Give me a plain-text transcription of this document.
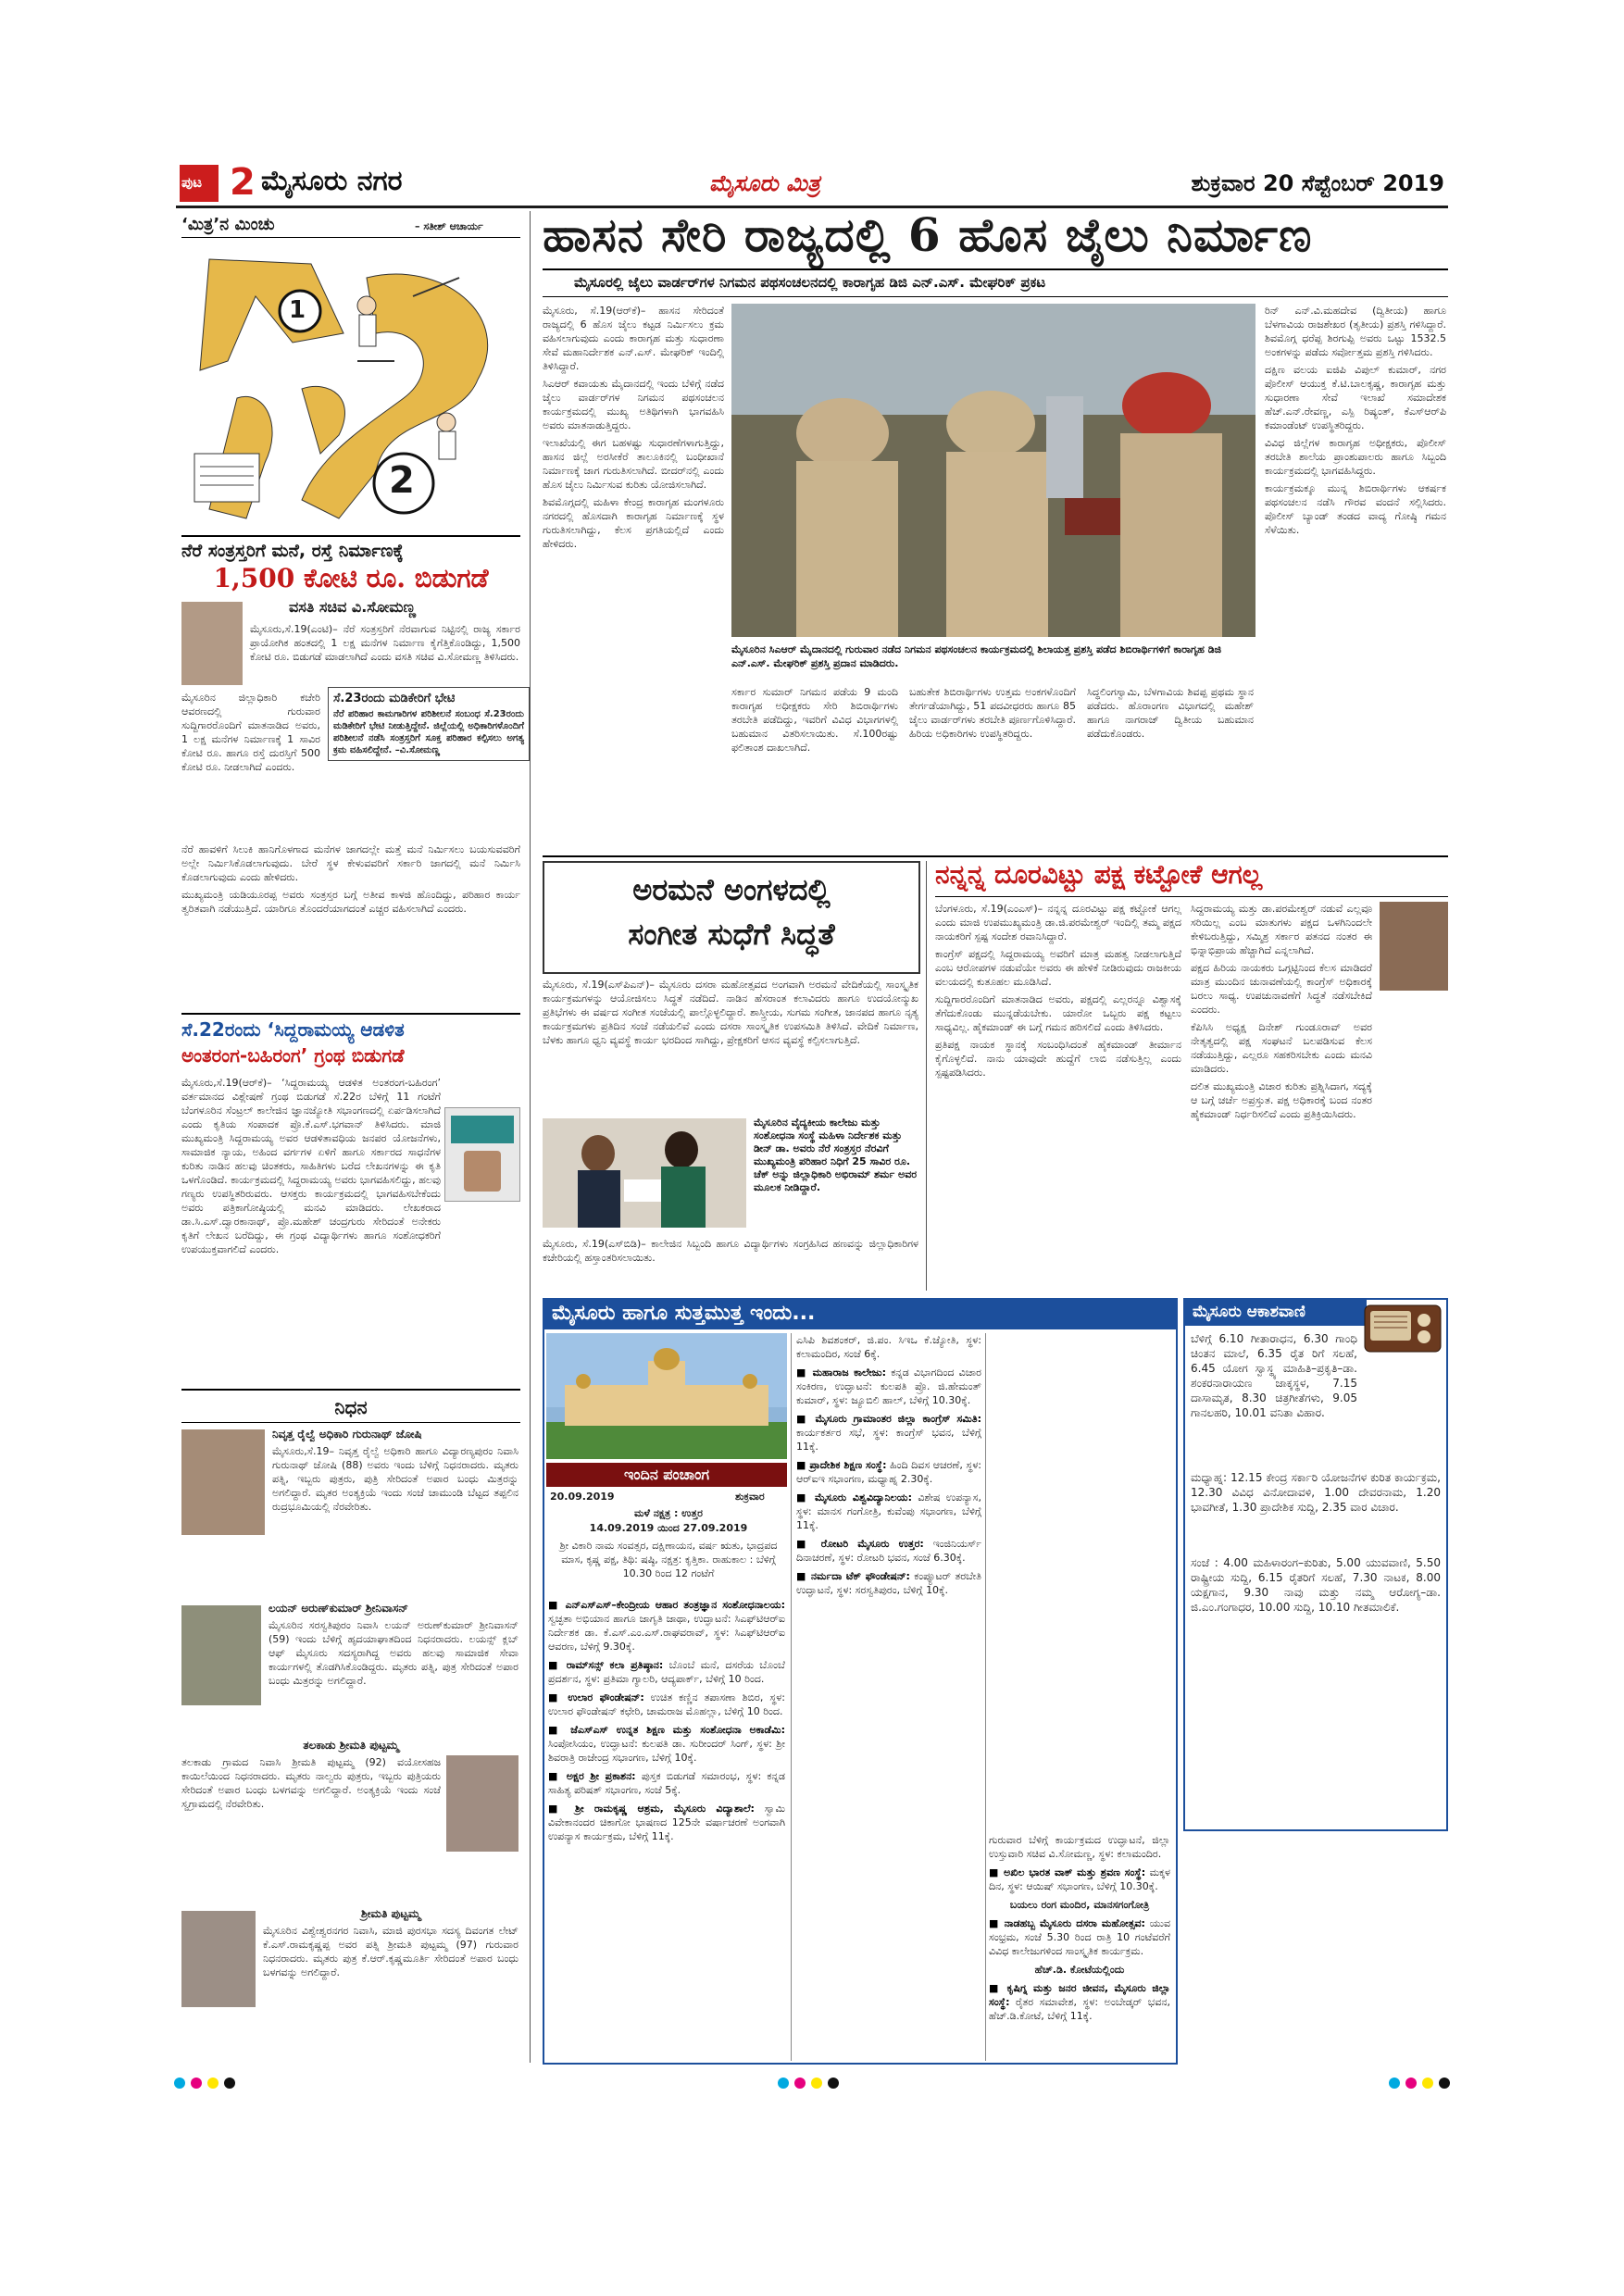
ಪುಟ 2 ಮೈಸೂರು ನಗರ	ಮೈಸೂರು ಮಿತ್ರ	ಶುಕ್ರವಾರ 20 ಸೆಪ್ಟೆಂಬರ್ 2019
‘ಮಿತ್ರ’ನ ಮಿಂಚು	– ಸತೀಶ್ ಆಚಾರ್ಯ
1
2
ನೆರೆ ಸಂತ್ರಸ್ತರಿಗೆ ಮನೆ, ರಸ್ತೆ ನಿರ್ಮಾಣಕ್ಕೆ
1,500 ಕೋಟಿ ರೂ. ಬಿಡುಗಡೆ
ವಸತಿ ಸಚಿವ ವಿ.ಸೋಮಣ್ಣ

ಮೈಸೂರು,ಸೆ.19(ಎಂಟಿ)– ನೆರೆ ಸಂತ್ರಸ್ತರಿಗೆ ನೆರವಾಗುವ ನಿಟ್ಟಿನಲ್ಲಿ ರಾಜ್ಯ ಸರ್ಕಾರ ಪ್ರಾಯೋಗಿಕ ಹಂತದಲ್ಲಿ 1 ಲಕ್ಷ ಮನೆಗಳ ನಿರ್ಮಾಣ ಕೈಗೆತ್ತಿಕೊಂಡಿದ್ದು, 1,500 ಕೋಟಿ ರೂ. ಬಿಡುಗಡೆ ಮಾಡಲಾಗಿದೆ ಎಂದು ವಸತಿ ಸಚಿವ ವಿ.ಸೋಮಣ್ಣ ತಿಳಿಸಿದರು.

ಮೈಸೂರಿನ ಜಿಲ್ಲಾಧಿಕಾರಿ ಕಚೇರಿ ಆವರಣದಲ್ಲಿ ಗುರುವಾರ ಸುದ್ದಿಗಾರರೊಂದಿಗೆ ಮಾತನಾಡಿದ ಅವರು, 1 ಲಕ್ಷ ಮನೆಗಳ ನಿರ್ಮಾಣಕ್ಕೆ 1 ಸಾವಿರ ಕೋಟಿ ರೂ. ಹಾಗೂ ರಸ್ತೆ ದುರಸ್ತಿಗೆ 500 ಕೋಟಿ ರೂ. ನೀಡಲಾಗಿದೆ ಎಂದರು.

ಸೆ.23ರಂದು ಮಡಿಕೇರಿಗೆ ಭೇಟಿ
ನೆರೆ ಪರಿಹಾರ ಕಾಮಗಾರಿಗಳ ಪರಿಶೀಲನೆ ಸಂಬಂಧ ಸೆ.23ರಂದು ಮಡಿಕೇರಿಗೆ ಭೇಟಿ ನೀಡುತ್ತಿದ್ದೇನೆ. ಜಿಲ್ಲೆಯಲ್ಲಿ ಅಧಿಕಾರಿಗಳೊಂದಿಗೆ ಪರಿಶೀಲನೆ ನಡೆಸಿ ಸಂತ್ರಸ್ತರಿಗೆ ಸೂಕ್ತ ಪರಿಹಾರ ಕಲ್ಪಿಸಲು ಅಗತ್ಯ ಕ್ರಮ ವಹಿಸಲಿದ್ದೇನೆ. –ವಿ.ಸೋಮಣ್ಣ

ನೆರೆ ಹಾವಳಿಗೆ ಸಿಲುಕಿ ಹಾನಿಗೊಳಗಾದ ಮನೆಗಳ ಜಾಗದಲ್ಲೇ ಮತ್ತೆ ಮನೆ ನಿರ್ಮಿಸಲು ಬಯಸುವವರಿಗೆ ಅಲ್ಲೇ ನಿರ್ಮಿಸಿಕೊಡಲಾಗುವುದು. ಬೇರೆ ಸ್ಥಳ ಕೇಳುವವರಿಗೆ ಸರ್ಕಾರಿ ಜಾಗದಲ್ಲಿ ಮನೆ ನಿರ್ಮಿಸಿ ಕೊಡಲಾಗುವುದು ಎಂದು ಹೇಳಿದರು.

ಮುಖ್ಯಮಂತ್ರಿ ಯಡಿಯೂರಪ್ಪ ಅವರು ಸಂತ್ರಸ್ತರ ಬಗ್ಗೆ ಅತೀವ ಕಾಳಜಿ ಹೊಂದಿದ್ದು, ಪರಿಹಾರ ಕಾರ್ಯ ತ್ವರಿತವಾಗಿ ನಡೆಯುತ್ತಿದೆ. ಯಾರಿಗೂ ತೊಂದರೆಯಾಗದಂತೆ ಎಚ್ಚರ ವಹಿಸಲಾಗಿದೆ ಎಂದರು.

ಸೆ.22ರಂದು ‘ಸಿದ್ದರಾಮಯ್ಯ ಆಡಳಿತ
ಅಂತರಂಗ-ಬಹಿರಂಗ’ ಗ್ರಂಥ ಬಿಡುಗಡೆ
ಮೈಸೂರು,ಸೆ.19(ಆರ್‌ಕೆ)– ‘ಸಿದ್ದರಾಮಯ್ಯ ಆಡಳಿತ ಅಂತರಂಗ-ಬಹಿರಂಗ’ ವರ್ತಮಾನದ ವಿಶ್ಲೇಷಣೆ ಗ್ರಂಥ ಬಿಡುಗಡೆ ಸೆ.22ರ ಬೆಳಿಗ್ಗೆ 11 ಗಂಟೆಗೆ ಬೆಂಗಳೂರಿನ ಸೆಂಟ್ರಲ್ ಕಾಲೇಜಿನ ಜ್ಞಾನಜ್ಯೋತಿ ಸಭಾಂಗಣದಲ್ಲಿ ಏರ್ಪಡಿಸಲಾಗಿದೆ ಎಂದು ಕೃತಿಯ ಸಂಪಾದಕ ಪ್ರೊ.ಕೆ.ಎಸ್.ಭಗವಾನ್ ತಿಳಿಸಿದರು. ಮಾಜಿ ಮುಖ್ಯಮಂತ್ರಿ ಸಿದ್ದರಾಮಯ್ಯ ಅವರ ಆಡಳಿತಾವಧಿಯ ಜನಪರ ಯೋಜನೆಗಳು, ಸಾಮಾಜಿಕ ನ್ಯಾಯ, ಅಹಿಂದ ವರ್ಗಗಳ ಏಳಿಗೆ ಹಾಗೂ ಸರ್ಕಾರದ ಸಾಧನೆಗಳ ಕುರಿತು ನಾಡಿನ ಹಲವು ಚಿಂತಕರು, ಸಾಹಿತಿಗಳು ಬರೆದ ಲೇಖನಗಳನ್ನು ಈ ಕೃತಿ ಒಳಗೊಂಡಿದೆ. ಕಾರ್ಯಕ್ರಮದಲ್ಲಿ ಸಿದ್ದರಾಮಯ್ಯ ಅವರು ಭಾಗವಹಿಸಲಿದ್ದು, ಹಲವು ಗಣ್ಯರು ಉಪಸ್ಥಿತರಿರುವರು. ಆಸಕ್ತರು ಕಾರ್ಯಕ್ರಮದಲ್ಲಿ ಭಾಗವಹಿಸಬೇಕೆಂದು ಅವರು ಪತ್ರಿಕಾಗೋಷ್ಠಿಯಲ್ಲಿ ಮನವಿ ಮಾಡಿದರು. ಲೇಖಕರಾದ ಡಾ.ಸಿ.ಎಸ್.ದ್ವಾರಕಾನಾಥ್, ಪ್ರೊ.ಮಹೇಶ್ ಚಂದ್ರಗುರು ಸೇರಿದಂತೆ ಅನೇಕರು ಕೃತಿಗೆ ಲೇಖನ ಬರೆದಿದ್ದು, ಈ ಗ್ರಂಥ ವಿದ್ಯಾರ್ಥಿಗಳು ಹಾಗೂ ಸಂಶೋಧಕರಿಗೆ ಉಪಯುಕ್ತವಾಗಲಿದೆ ಎಂದರು.
ನಿಧನ
ನಿವೃತ್ತ ರೈಲ್ವೆ ಅಧಿಕಾರಿ ಗುರುನಾಥ್ ಜೋಷಿ
ಮೈಸೂರು,ಸೆ.19– ನಿವೃತ್ತ ರೈಲ್ವೆ ಅಧಿಕಾರಿ ಹಾಗೂ ವಿದ್ಯಾರಣ್ಯಪುರಂ ನಿವಾಸಿ ಗುರುನಾಥ್ ಜೋಷಿ (88) ಅವರು ಇಂದು ಬೆಳಿಗ್ಗೆ ನಿಧನರಾದರು. ಮೃತರು ಪತ್ನಿ, ಇಬ್ಬರು ಪುತ್ರರು, ಪುತ್ರಿ ಸೇರಿದಂತೆ ಅಪಾರ ಬಂಧು ಮಿತ್ರರನ್ನು ಅಗಲಿದ್ದಾರೆ. ಮೃತರ ಅಂತ್ಯಕ್ರಿಯೆ ಇಂದು ಸಂಜೆ ಚಾಮುಂಡಿ ಬೆಟ್ಟದ ತಪ್ಪಲಿನ ರುದ್ರಭೂಮಿಯಲ್ಲಿ ನೆರವೇರಿತು.
ಲಯನ್ ಅರುಣ್‌ಕುಮಾರ್ ಶ್ರೀನಿವಾಸನ್
ಮೈಸೂರಿನ ಸರಸ್ವತಿಪುರಂ ನಿವಾಸಿ ಲಯನ್ ಅರುಣ್‌ಕುಮಾರ್ ಶ್ರೀನಿವಾಸನ್ (59) ಇಂದು ಬೆಳಿಗ್ಗೆ ಹೃದಯಾಘಾತದಿಂದ ನಿಧನರಾದರು. ಲಯನ್ಸ್ ಕ್ಲಬ್ ಆಫ್ ಮೈಸೂರು ಸದಸ್ಯರಾಗಿದ್ದ ಅವರು ಹಲವು ಸಾಮಾಜಿಕ ಸೇವಾ ಕಾರ್ಯಗಳಲ್ಲಿ ತೊಡಗಿಸಿಕೊಂಡಿದ್ದರು. ಮೃತರು ಪತ್ನಿ, ಪುತ್ರ ಸೇರಿದಂತೆ ಅಪಾರ ಬಂಧು ಮಿತ್ರರನ್ನು ಅಗಲಿದ್ದಾರೆ.
ತಲಕಾಡು ಶ್ರೀಮತಿ ಪುಟ್ಟಮ್ಮ
ತಲಕಾಡು ಗ್ರಾಮದ ನಿವಾಸಿ ಶ್ರೀಮತಿ ಪುಟ್ಟಮ್ಮ (92) ವಯೋಸಹಜ ಕಾಯಿಲೆಯಿಂದ ನಿಧನರಾದರು. ಮೃತರು ನಾಲ್ವರು ಪುತ್ರರು, ಇಬ್ಬರು ಪುತ್ರಿಯರು ಸೇರಿದಂತೆ ಅಪಾರ ಬಂಧು ಬಳಗವನ್ನು ಅಗಲಿದ್ದಾರೆ. ಅಂತ್ಯಕ್ರಿಯೆ ಇಂದು ಸಂಜೆ ಸ್ವಗ್ರಾಮದಲ್ಲಿ ನೆರವೇರಿತು.
ಶ್ರೀಮತಿ ಪುಟ್ಟಮ್ಮ
ಮೈಸೂರಿನ ವಿಶ್ವೇಶ್ವರನಗರ ನಿವಾಸಿ, ಮಾಜಿ ಪುರಸಭಾ ಸದಸ್ಯ ದಿವಂಗತ ಲೇಟ್ ಕೆ.ಎಸ್.ರಾಮಕೃಷ್ಣಪ್ಪ ಅವರ ಪತ್ನಿ ಶ್ರೀಮತಿ ಪುಟ್ಟಮ್ಮ (97) ಗುರುವಾರ ನಿಧನರಾದರು. ಮೃತರು ಪುತ್ರ ಕೆ.ಆರ್.ಕೃಷ್ಣಮೂರ್ತಿ ಸೇರಿದಂತೆ ಅಪಾರ ಬಂಧು ಬಳಗವನ್ನು ಅಗಲಿದ್ದಾರೆ.
ಹಾಸನ ಸೇರಿ ರಾಜ್ಯದಲ್ಲಿ 6 ಹೊಸ ಜೈಲು ನಿರ್ಮಾಣ
ಮೈಸೂರಲ್ಲಿ ಜೈಲು ವಾರ್ಡರ್‌ಗಳ ನಿಗಮನ ಪಥಸಂಚಲನದಲ್ಲಿ ಕಾರಾಗೃಹ ಡಿಜಿ ಎನ್.ಎಸ್. ಮೇಘರಿಕ್ ಪ್ರಕಟ

ಮೈಸೂರು, ಸೆ.19(ಆರ್‌ಕೆ)– ಹಾಸನ ಸೇರಿದಂತೆ ರಾಜ್ಯದಲ್ಲಿ 6 ಹೊಸ ಜೈಲು ಕಟ್ಟಡ ನಿರ್ಮಿಸಲು ಕ್ರಮ ವಹಿಸಲಾಗುವುದು ಎಂದು ಕಾರಾಗೃಹ ಮತ್ತು ಸುಧಾರಣಾ ಸೇವೆ ಮಹಾನಿರ್ದೇಶಕ ಎನ್.ಎಸ್. ಮೇಘರಿಕ್ ಇಂದಿಲ್ಲಿ ತಿಳಿಸಿದ್ದಾರೆ.

ಸಿಎಆರ್ ಕವಾಯತು ಮೈದಾನದಲ್ಲಿ ಇಂದು ಬೆಳಿಗ್ಗೆ ನಡೆದ ಜೈಲು ವಾರ್ಡರ್‌ಗಳ ನಿಗಮನ ಪಥಸಂಚಲನ ಕಾರ್ಯಕ್ರಮದಲ್ಲಿ ಮುಖ್ಯ ಅತಿಥಿಗಳಾಗಿ ಭಾಗವಹಿಸಿ ಅವರು ಮಾತನಾಡುತ್ತಿದ್ದರು.

ಇಲಾಖೆಯಲ್ಲಿ ಈಗ ಬಹಳಷ್ಟು ಸುಧಾರಣೆಗಳಾಗುತ್ತಿದ್ದು, ಹಾಸನ ಜಿಲ್ಲೆ ಅರಸೀಕೆರೆ ತಾಲೂಕಿನಲ್ಲಿ ಬಂಧೀಖಾನೆ ನಿರ್ಮಾಣಕ್ಕೆ ಜಾಗ ಗುರುತಿಸಲಾಗಿದೆ. ಬೀದರ್‌ನಲ್ಲಿ ಎಂದು ಹೊಸ ಜೈಲು ನಿರ್ಮಿಸುವ ಕುರಿತು ಯೋಜಿಸಲಾಗಿದೆ.

ಶಿವಮೊಗ್ಗದಲ್ಲಿ ಮಹಿಳಾ ಕೇಂದ್ರ ಕಾರಾಗೃಹ ಮಂಗಳೂರು ನಗರದಲ್ಲಿ ಹೊಸದಾಗಿ ಕಾರಾಗೃಹ ನಿರ್ಮಾಣಕ್ಕೆ ಸ್ಥಳ ಗುರುತಿಸಲಾಗಿದ್ದು, ಕೆಲಸ ಪ್ರಗತಿಯಲ್ಲಿದೆ ಎಂದು ಹೇಳಿದರು.

ಮೈಸೂರಿನ ಸಿಎಆರ್ ಮೈದಾನದಲ್ಲಿ ಗುರುವಾರ ನಡೆದ ನಿಗಮನ ಪಥಸಂಚಲನ ಕಾರ್ಯಕ್ರಮದಲ್ಲಿ ಶಿಲಾಯತ್ತ ಪ್ರಶಸ್ತಿ ಪಡೆದ ಶಿಬಿರಾರ್ಥಿಗಳಿಗೆ ಕಾರಾಗೃಹ ಡಿಜಿ ಎನ್.ಎಸ್. ಮೇಘರಿಕ್ ಪ್ರಶಸ್ತಿ ಪ್ರದಾನ ಮಾಡಿದರು.
ಸರ್ಕಾರ ಸುಮಾರ್ ನಿಗಮನ ಪಡೆಯ 9 ಮಂದಿ ಕಾರಾಗೃಹ ಅಧೀಕ್ಷಕರು ಸೇರಿ ಶಿಬಿರಾರ್ಥಿಗಳು ತರಬೇತಿ ಪಡೆದಿದ್ದು, ಇವರಿಗೆ ವಿವಿಧ ವಿಭಾಗಗಳಲ್ಲಿ ಬಹುಮಾನ ವಿತರಿಸಲಾಯಿತು. ಸೆ.100ರಷ್ಟು ಫಲಿತಾಂಶ ದಾಖಲಾಗಿದೆ.
ಬಹುತೇಕ ಶಿಬಿರಾರ್ಥಿಗಳು ಉತ್ತಮ ಅಂಕಗಳೊಂದಿಗೆ ತೇರ್ಗಡೆಯಾಗಿದ್ದು, 51 ಪದವೀಧರರು ಹಾಗೂ 85 ಜೈಲು ವಾರ್ಡರ್‌ಗಳು ತರಬೇತಿ ಪೂರ್ಣಗೊಳಿಸಿದ್ದಾರೆ. ಹಿರಿಯ ಅಧಿಕಾರಿಗಳು ಉಪಸ್ಥಿತರಿದ್ದರು.
ಸಿದ್ಧಲಿಂಗಸ್ವಾಮಿ, ಬೆಳಗಾವಿಯ ಶಿವಪ್ಪ ಪ್ರಥಮ ಸ್ಥಾನ ಪಡೆದರು. ಹೊರಾಂಗಣ ವಿಭಾಗದಲ್ಲಿ ಮಹೇಶ್ ಹಾಗೂ ನಾಗರಾಜ್ ದ್ವಿತೀಯ ಬಹುಮಾನ ಪಡೆದುಕೊಂಡರು.

ರಿನ್ ಎನ್.ವಿ.ಮಹದೇವ (ದ್ವಿತೀಯ) ಹಾಗೂ ಬೆಳಗಾವಿಯ ರಾಜಶೇಖರ (ತೃತೀಯ) ಪ್ರಶಸ್ತಿ ಗಳಿಸಿದ್ದಾರೆ. ಶಿವಮೊಗ್ಗ ಧರೆಪ್ಪ ಶಿರಗುಪ್ಪಿ ಅವರು ಒಟ್ಟು 1532.5 ಅಂಕಗಳನ್ನು ಪಡೆದು ಸರ್ವೋತ್ತಮ ಪ್ರಶಸ್ತಿ ಗಳಿಸಿದರು.

ದಕ್ಷಿಣ ವಲಯ ಐಜಿಪಿ ವಿಪುಲ್ ಕುಮಾರ್, ನಗರ ಪೊಲೀಸ್ ಆಯುಕ್ತ ಕೆ.ಟಿ.ಬಾಲಕೃಷ್ಣ, ಕಾರಾಗೃಹ ಮತ್ತು ಸುಧಾರಣಾ ಸೇವೆ ಇಲಾಖೆ ಸಮಾದೇಶಕ ಹೆಚ್.ಎನ್.ರೇವಣ್ಣ, ಎಸ್ಪಿ ರಿಷ್ಯಂತ್, ಕೆಎಸ್‌ಆರ್‌ಪಿ ಕಮಾಂಡೆಂಟ್ ಉಪಸ್ಥಿತರಿದ್ದರು.

ವಿವಿಧ ಜಿಲ್ಲೆಗಳ ಕಾರಾಗೃಹ ಅಧೀಕ್ಷಕರು, ಪೊಲೀಸ್ ತರಬೇತಿ ಶಾಲೆಯ ಪ್ರಾಂಶುಪಾಲರು ಹಾಗೂ ಸಿಬ್ಬಂದಿ ಕಾರ್ಯಕ್ರಮದಲ್ಲಿ ಭಾಗವಹಿಸಿದ್ದರು.

ಕಾರ್ಯಕ್ರಮಕ್ಕೂ ಮುನ್ನ ಶಿಬಿರಾರ್ಥಿಗಳು ಆಕರ್ಷಕ ಪಥಸಂಚಲನ ನಡೆಸಿ ಗೌರವ ವಂದನೆ ಸಲ್ಲಿಸಿದರು. ಪೊಲೀಸ್ ಬ್ಯಾಂಡ್ ತಂಡದ ವಾದ್ಯ ಗೋಷ್ಠಿ ಗಮನ ಸೆಳೆಯಿತು.

ಅರಮನೆ ಅಂಗಳದಲ್ಲಿ
ಸಂಗೀತ ಸುಧೆಗೆ ಸಿದ್ಧತೆ
ಮೈಸೂರು, ಸೆ.19(ಎಸ್‌ಪಿಎನ್)– ಮೈಸೂರು ದಸರಾ ಮಹೋತ್ಸವದ ಅಂಗವಾಗಿ ಅರಮನೆ ವೇದಿಕೆಯಲ್ಲಿ ಸಾಂಸ್ಕೃತಿಕ ಕಾರ್ಯಕ್ರಮಗಳನ್ನು ಆಯೋಜಿಸಲು ಸಿದ್ಧತೆ ನಡೆದಿದೆ. ನಾಡಿನ ಹೆಸರಾಂತ ಕಲಾವಿದರು ಹಾಗೂ ಉದಯೋನ್ಮುಖ ಪ್ರತಿಭೆಗಳು ಈ ವರ್ಷದ ಸಂಗೀತ ಸಂಜೆಯಲ್ಲಿ ಪಾಲ್ಗೊಳ್ಳಲಿದ್ದಾರೆ. ಶಾಸ್ತ್ರೀಯ, ಸುಗಮ ಸಂಗೀತ, ಜಾನಪದ ಹಾಗೂ ನೃತ್ಯ ಕಾರ್ಯಕ್ರಮಗಳು ಪ್ರತಿದಿನ ಸಂಜೆ ನಡೆಯಲಿವೆ ಎಂದು ದಸರಾ ಸಾಂಸ್ಕೃತಿಕ ಉಪಸಮಿತಿ ತಿಳಿಸಿದೆ. ವೇದಿಕೆ ನಿರ್ಮಾಣ, ಬೆಳಕು ಹಾಗೂ ಧ್ವನಿ ವ್ಯವಸ್ಥೆ ಕಾರ್ಯ ಭರದಿಂದ ಸಾಗಿದ್ದು, ಪ್ರೇಕ್ಷಕರಿಗೆ ಆಸನ ವ್ಯವಸ್ಥೆ ಕಲ್ಪಿಸಲಾಗುತ್ತಿದೆ.
ಮೈಸೂರಿನ ವೈದ್ಯಕೀಯ ಕಾಲೇಜು ಮತ್ತು ಸಂಶೋಧನಾ ಸಂಸ್ಥೆ ಮಹಿಳಾ ನಿರ್ದೇಶಕ ಮತ್ತು ಡೀನ್ ಡಾ. ಅವರು ನೆರೆ ಸಂತ್ರಸ್ತರ ನೆರವಿಗೆ ಮುಖ್ಯಮಂತ್ರಿ ಪರಿಹಾರ ನಿಧಿಗೆ 25 ಸಾವಿರ ರೂ. ಚೆಕ್ ಅನ್ನು ಜಿಲ್ಲಾಧಿಕಾರಿ ಅಭಿರಾಮ್ ಶರ್ಮ ಅವರ ಮೂಲಕ ನೀಡಿದ್ದಾರೆ.
ಮೈಸೂರು, ಸೆ.19(ಎಸ್‌ಬಿಡಿ)– ಕಾಲೇಜಿನ ಸಿಬ್ಬಂದಿ ಹಾಗೂ ವಿದ್ಯಾರ್ಥಿಗಳು ಸಂಗ್ರಹಿಸಿದ ಹಣವನ್ನು ಜಿಲ್ಲಾಧಿಕಾರಿಗಳ ಕಚೇರಿಯಲ್ಲಿ ಹಸ್ತಾಂತರಿಸಲಾಯಿತು.
ನನ್ನನ್ನ ದೂರವಿಟ್ಟು ಪಕ್ಷ ಕಟ್ಟೋಕೆ ಆಗಲ್ಲ

ಬೆಂಗಳೂರು, ಸೆ.19(ಎಂಎಸ್)– ನನ್ನನ್ನ ದೂರವಿಟ್ಟು ಪಕ್ಷ ಕಟ್ಟೋಕೆ ಆಗಲ್ಲ ಎಂದು ಮಾಜಿ ಉಪಮುಖ್ಯಮಂತ್ರಿ ಡಾ.ಜಿ.ಪರಮೇಶ್ವರ್ ಇಂದಿಲ್ಲಿ ತಮ್ಮ ಪಕ್ಷದ ನಾಯಕರಿಗೆ ಸ್ಪಷ್ಟ ಸಂದೇಶ ರವಾನಿಸಿದ್ದಾರೆ.

ಕಾಂಗ್ರೆಸ್ ಪಕ್ಷದಲ್ಲಿ ಸಿದ್ದರಾಮಯ್ಯ ಅವರಿಗೆ ಮಾತ್ರ ಮಹತ್ವ ನೀಡಲಾಗುತ್ತಿದೆ ಎಂಬ ಆರೋಪಗಳ ನಡುವೆಯೇ ಅವರು ಈ ಹೇಳಿಕೆ ನೀಡಿರುವುದು ರಾಜಕೀಯ ವಲಯದಲ್ಲಿ ಕುತೂಹಲ ಮೂಡಿಸಿದೆ.

ಸುದ್ದಿಗಾರರೊಂದಿಗೆ ಮಾತನಾಡಿದ ಅವರು, ಪಕ್ಷದಲ್ಲಿ ಎಲ್ಲರನ್ನೂ ವಿಶ್ವಾಸಕ್ಕೆ ತೆಗೆದುಕೊಂಡು ಮುನ್ನಡೆಯಬೇಕು. ಯಾರೋ ಒಬ್ಬರು ಪಕ್ಷ ಕಟ್ಟಲು ಸಾಧ್ಯವಿಲ್ಲ. ಹೈಕಮಾಂಡ್ ಈ ಬಗ್ಗೆ ಗಮನ ಹರಿಸಲಿದೆ ಎಂದು ತಿಳಿಸಿದರು.

ಪ್ರತಿಪಕ್ಷ ನಾಯಕ ಸ್ಥಾನಕ್ಕೆ ಸಂಬಂಧಿಸಿದಂತೆ ಹೈಕಮಾಂಡ್ ತೀರ್ಮಾನ ಕೈಗೊಳ್ಳಲಿದೆ. ನಾನು ಯಾವುದೇ ಹುದ್ದೆಗೆ ಲಾಬಿ ನಡೆಸುತ್ತಿಲ್ಲ ಎಂದು ಸ್ಪಷ್ಟಪಡಿಸಿದರು.

ಸಿದ್ದರಾಮಯ್ಯ ಮತ್ತು ಡಾ.ಪರಮೇಶ್ವರ್ ನಡುವೆ ಎಲ್ಲವೂ ಸರಿಯಿಲ್ಲ ಎಂಬ ಮಾತುಗಳು ಪಕ್ಷದ ಒಳಗಿನಿಂದಲೇ ಕೇಳಿಬರುತ್ತಿದ್ದು, ಸಮ್ಮಿಶ್ರ ಸರ್ಕಾರ ಪತನದ ನಂತರ ಈ ಭಿನ್ನಾಭಿಪ್ರಾಯ ಹೆಚ್ಚಾಗಿದೆ ಎನ್ನಲಾಗಿದೆ.

ಪಕ್ಷದ ಹಿರಿಯ ನಾಯಕರು ಒಗ್ಗಟ್ಟಿನಿಂದ ಕೆಲಸ ಮಾಡಿದರೆ ಮಾತ್ರ ಮುಂದಿನ ಚುನಾವಣೆಯಲ್ಲಿ ಕಾಂಗ್ರೆಸ್ ಅಧಿಕಾರಕ್ಕೆ ಬರಲು ಸಾಧ್ಯ. ಉಪಚುನಾವಣೆಗೆ ಸಿದ್ಧತೆ ನಡೆಸಬೇಕಿದೆ ಎಂದರು.

ಕೆಪಿಸಿಸಿ ಅಧ್ಯಕ್ಷ ದಿನೇಶ್ ಗುಂಡೂರಾವ್ ಅವರ ನೇತೃತ್ವದಲ್ಲಿ ಪಕ್ಷ ಸಂಘಟನೆ ಬಲಪಡಿಸುವ ಕೆಲಸ ನಡೆಯುತ್ತಿದ್ದು, ಎಲ್ಲರೂ ಸಹಕರಿಸಬೇಕು ಎಂದು ಮನವಿ ಮಾಡಿದರು.

ದಲಿತ ಮುಖ್ಯಮಂತ್ರಿ ವಿಚಾರ ಕುರಿತು ಪ್ರಶ್ನಿಸಿದಾಗ, ಸದ್ಯಕ್ಕೆ ಆ ಬಗ್ಗೆ ಚರ್ಚೆ ಅಪ್ರಸ್ತುತ. ಪಕ್ಷ ಅಧಿಕಾರಕ್ಕೆ ಬಂದ ನಂತರ ಹೈಕಮಾಂಡ್ ನಿರ್ಧರಿಸಲಿದೆ ಎಂದು ಪ್ರತಿಕ್ರಿಯಿಸಿದರು.

ಮೈಸೂರು ಹಾಗೂ ಸುತ್ತಮುತ್ತ ಇಂದು...
ಇಂದಿನ ಪಂಚಾಂಗ
20.09.2019	ಶುಕ್ರವಾರ
ಮಳೆ ನಕ್ಷತ್ರ : ಉತ್ತರ
14.09.2019 ಯಿಂದ 27.09.2019
ಶ್ರೀ ವಿಕಾರಿ ನಾಮ ಸಂವತ್ಸರ, ದಕ್ಷಿಣಾಯನ, ವರ್ಷ ಋತು, ಭಾದ್ರಪದ ಮಾಸ, ಕೃಷ್ಣ ಪಕ್ಷ, ತಿಥಿ: ಷಷ್ಠಿ, ನಕ್ಷತ್ರ: ಕೃತ್ತಿಕಾ. ರಾಹುಕಾಲ : ಬೆಳಿಗ್ಗೆ 10.30 ರಿಂದ 12 ಗಂಟೆಗೆ
■ ಎನ್‌ಎಸ್‌ಎಸ್–ಕೇಂದ್ರೀಯ ಆಹಾರ ತಂತ್ರಜ್ಞಾನ ಸಂಶೋಧನಾಲಯ: ಸ್ವಚ್ಛತಾ ಅಭಿಯಾನ ಹಾಗೂ ಜಾಗೃತಿ ಜಾಥಾ, ಉದ್ಘಾಟನೆ: ಸಿಎಫ್‌ಟಿಆರ್‌ಐ ನಿರ್ದೇಶಕ ಡಾ. ಕೆ.ಎಸ್.ಎಂ.ಎಸ್.ರಾಘವರಾವ್, ಸ್ಥಳ: ಸಿಎಫ್‌ಟಿಆರ್‌ಐ ಆವರಣ, ಬೆಳಿಗ್ಗೆ 9.30ಕ್ಕೆ.
■ ರಾಮ್‌ಸನ್ಸ್ ಕಲಾ ಪ್ರತಿಷ್ಠಾನ: ಬೊಂಬೆ ಮನೆ, ದಸರೆಯ ಬೊಂಬೆ ಪ್ರದರ್ಶನ, ಸ್ಥಳ: ಪ್ರತಿಮಾ ಗ್ಯಾಲರಿ, ಆದ್ಯಪಾರ್ಕ್, ಬೆಳಿಗ್ಗೆ 10 ರಿಂದ.
■ ಉಲಾರ ಫೌಂಡೇಷನ್: ಉಚಿತ ಕಣ್ಣಿನ ತಪಾಸಣಾ ಶಿಬಿರ, ಸ್ಥಳ: ಉಲಾರ ಫೌಂಡೇಷನ್ ಕಛೇರಿ, ಚಾಮರಾಜ ಮೊಹಲ್ಲಾ, ಬೆಳಿಗ್ಗೆ 10 ರಿಂದ.
■ ಜೆಎಸ್‌ಎಸ್ ಉನ್ನತ ಶಿಕ್ಷಣ ಮತ್ತು ಸಂಶೋಧನಾ ಅಕಾಡೆಮಿ: ಸಿಂಪೋಸಿಯಂ, ಉದ್ಘಾಟನೆ: ಕುಲಪತಿ ಡಾ. ಸುರೀಂದರ್ ಸಿಂಗ್, ಸ್ಥಳ: ಶ್ರೀ ಶಿವರಾತ್ರಿ ರಾಜೇಂದ್ರ ಸಭಾಂಗಣ, ಬೆಳಿಗ್ಗೆ 10ಕ್ಕೆ.
■ ಅಕ್ಷರ ಶ್ರೀ ಪ್ರಕಾಶನ: ಪುಸ್ತಕ ಬಿಡುಗಡೆ ಸಮಾರಂಭ, ಸ್ಥಳ: ಕನ್ನಡ ಸಾಹಿತ್ಯ ಪರಿಷತ್ ಸಭಾಂಗಣ, ಸಂಜೆ 5ಕ್ಕೆ.
■ ಶ್ರೀ ರಾಮಕೃಷ್ಣ ಆಶ್ರಮ, ಮೈಸೂರು ವಿದ್ಯಾಶಾಲೆ: ಸ್ವಾಮಿ ವಿವೇಕಾನಂದರ ಚಿಕಾಗೋ ಭಾಷಣದ 125ನೇ ವರ್ಷಾಚರಣೆ ಅಂಗವಾಗಿ ಉಪನ್ಯಾಸ ಕಾರ್ಯಕ್ರಮ, ಬೆಳಿಗ್ಗೆ 11ಕ್ಕೆ.
ಎಸಿಪಿ ಶಿವಶಂಕರ್, ಜಿ.ಪಂ. ಸಿಇಒ ಕೆ.ಜ್ಯೋತಿ, ಸ್ಥಳ: ಕಲಾಮಂದಿರ, ಸಂಜೆ 6ಕ್ಕೆ.
■ ಮಹಾರಾಜ ಕಾಲೇಜು: ಕನ್ನಡ ವಿಭಾಗದಿಂದ ವಿಚಾರ ಸಂಕಿರಣ, ಉದ್ಘಾಟನೆ: ಕುಲಪತಿ ಪ್ರೊ. ಜಿ.ಹೇಮಂತ್ ಕುಮಾರ್, ಸ್ಥಳ: ಜ್ಯೂಬಿಲಿ ಹಾಲ್, ಬೆಳಿಗ್ಗೆ 10.30ಕ್ಕೆ.
■ ಮೈಸೂರು ಗ್ರಾಮಾಂತರ ಜಿಲ್ಲಾ ಕಾಂಗ್ರೆಸ್ ಸಮಿತಿ: ಕಾರ್ಯಕರ್ತರ ಸಭೆ, ಸ್ಥಳ: ಕಾಂಗ್ರೆಸ್ ಭವನ, ಬೆಳಿಗ್ಗೆ 11ಕ್ಕೆ.
■ ಪ್ರಾದೇಶಿಕ ಶಿಕ್ಷಣ ಸಂಸ್ಥೆ: ಹಿಂದಿ ದಿವಸ ಆಚರಣೆ, ಸ್ಥಳ: ಆರ್‌ಐಇ ಸಭಾಂಗಣ, ಮಧ್ಯಾಹ್ನ 2.30ಕ್ಕೆ.
■ ಮೈಸೂರು ವಿಶ್ವವಿದ್ಯಾನಿಲಯ: ವಿಶೇಷ ಉಪನ್ಯಾಸ, ಸ್ಥಳ: ಮಾನಸ ಗಂಗೋತ್ರಿ, ಕುವೆಂಪು ಸಭಾಂಗಣ, ಬೆಳಿಗ್ಗೆ 11ಕ್ಕೆ.
■ ರೋಟರಿ ಮೈಸೂರು ಉತ್ತರ: ಇಂಜಿನಿಯರ್ಸ್ ದಿನಾಚರಣೆ, ಸ್ಥಳ: ರೋಟರಿ ಭವನ, ಸಂಜೆ 6.30ಕ್ಕೆ.
■ ನರ್ಮದಾ ಟೆಕ್ ಫೌಂಡೇಷನ್: ಕಂಪ್ಯೂಟರ್ ತರಬೇತಿ ಉದ್ಘಾಟನೆ, ಸ್ಥಳ: ಸರಸ್ವತಿಪುರಂ, ಬೆಳಿಗ್ಗೆ 10ಕ್ಕೆ.
ಗುರುವಾರ ಬೆಳಿಗ್ಗೆ ಕಾರ್ಯಕ್ರಮದ ಉದ್ಘಾಟನೆ, ಜಿಲ್ಲಾ ಉಸ್ತುವಾರಿ ಸಚಿವ ವಿ.ಸೋಮಣ್ಣ, ಸ್ಥಳ: ಕಲಾಮಂದಿರ.
■ ಅಖಿಲ ಭಾರತ ವಾಕ್ ಮತ್ತು ಶ್ರವಣ ಸಂಸ್ಥೆ: ಮಕ್ಕಳ ದಿನ, ಸ್ಥಳ: ಆಯಿಷ್ ಸಭಾಂಗಣ, ಬೆಳಿಗ್ಗೆ 10.30ಕ್ಕೆ.
ಬಯಲು ರಂಗ ಮಂದಿರ, ಮಾನಸಗಂಗೋತ್ರಿ
■ ನಾಡಹಬ್ಬ ಮೈಸೂರು ದಸರಾ ಮಹೋತ್ಸವ: ಯುವ ಸಂಭ್ರಮ, ಸಂಜೆ 5.30 ರಿಂದ ರಾತ್ರಿ 10 ಗಂಟೆವರೆಗೆ ವಿವಿಧ ಕಾಲೇಜುಗಳಿಂದ ಸಾಂಸ್ಕೃತಿಕ ಕಾರ್ಯಕ್ರಮ.
ಹೆಚ್.ಡಿ. ಕೋಟೆಯಲ್ಲಿಂದು
■ ಕೃಷಿಗ್ನ ಮತ್ತು ಜನರ ಜೀವನ, ಮೈಸೂರು ಜಿಲ್ಲಾ ಸಂಸ್ಥೆ: ರೈತರ ಸಮಾವೇಶ, ಸ್ಥಳ: ಅಂಬೇಡ್ಕರ್ ಭವನ, ಹೆಚ್.ಡಿ.ಕೋಟೆ, ಬೆಳಿಗ್ಗೆ 11ಕ್ಕೆ.
ಮೈಸೂರು ಆಕಾಶವಾಣಿ
ಬೆಳಿಗ್ಗೆ 6.10 ಗೀತಾರಾಧನ, 6.30 ಗಾಂಧಿ ಚಿಂತನ ಮಾಲೆ, 6.35 ರೈತ ರಿಗೆ ಸಲಹೆ, 6.45 ಯೋಗ ಸ್ವಾಸ್ಥ್ಯ ಮಾಹಿತಿ–ಪ್ರಕೃತಿ–ಡಾ. ಶಂಕರನಾರಾಯಣ ಜಾಕ್ಕಸ್ಥಳ, 7.15 ದಾಸಾಮೃತ, 8.30 ಚಿತ್ರಗೀತೆಗಳು, 9.05 ಗಾನಲಹರಿ, 10.01 ವನಿತಾ ವಿಹಾರ.
ಮಧ್ಯಾಹ್ನ: 12.15 ಕೇಂದ್ರ ಸರ್ಕಾರಿ ಯೋಜನೆಗಳ ಕುರಿತ ಕಾರ್ಯಕ್ರಮ, 12.30 ವಿವಿಧ ವಿನೋದಾವಳಿ, 1.00 ದೇವರನಾಮ, 1.20 ಭಾವಗೀತೆ, 1.30 ಪ್ರಾದೇಶಿಕ ಸುದ್ದಿ, 2.35 ವಾರ ವಿಚಾರ.
ಸಂಜೆ : 4.00 ಮಹಿಳಾರಂಗ–ಕುರಿತು, 5.00 ಯುವವಾಣಿ, 5.50 ರಾಷ್ಟ್ರೀಯ ಸುದ್ದಿ, 6.15 ರೈತರಿಗೆ ಸಲಹೆ, 7.30 ನಾಟಕ, 8.00 ಯಕ್ಷಗಾನ, 9.30 ನಾವು ಮತ್ತು ನಮ್ಮ ಆರೋಗ್ಯ–ಡಾ. ಜಿ.ಎಂ.ಗಂಗಾಧರ, 10.00 ಸುದ್ದಿ, 10.10 ಗೀತಮಾಲಿಕೆ.
